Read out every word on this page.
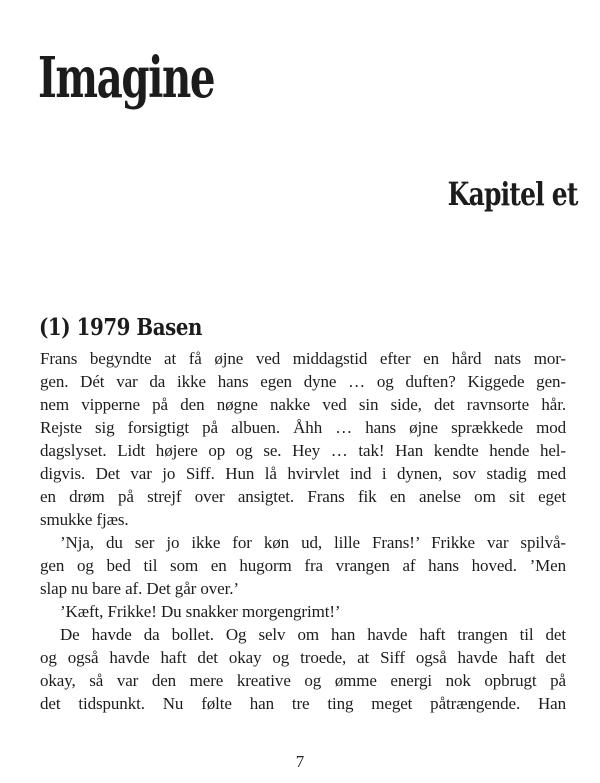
Imagine
Kapitel et
(1) 1979 Basen
Frans begyndte at få øjne ved middagstid efter en hård nats mor-
gen. Dét var da ikke hans egen dyne … og duften? Kiggede gen-
nem vipperne på den nøgne nakke ved sin side, det ravnsorte hår.
Rejste sig forsigtigt på albuen. Åhh … hans øjne sprækkede mod
dagslyset. Lidt højere op og se. Hey … tak! Han kendte hende hel-
digvis. Det var jo Siff. Hun lå hvirvlet ind i dynen, sov stadig med
en drøm på strejf over ansigtet. Frans fik en anelse om sit eget
smukke fjæs.
’Nja, du ser jo ikke for køn ud, lille Frans!’ Frikke var spilvå-
gen og bed til som en hugorm fra vrangen af hans hoved. ’Men
slap nu bare af. Det går over.’
’Kæft, Frikke! Du snakker morgengrimt!’
De havde da bollet. Og selv om han havde haft trangen til det
og også havde haft det okay og troede, at Siff også havde haft det
okay, så var den mere kreative og ømme energi nok opbrugt på
det tidspunkt. Nu følte han tre ting meget påtrængende. Han
7
